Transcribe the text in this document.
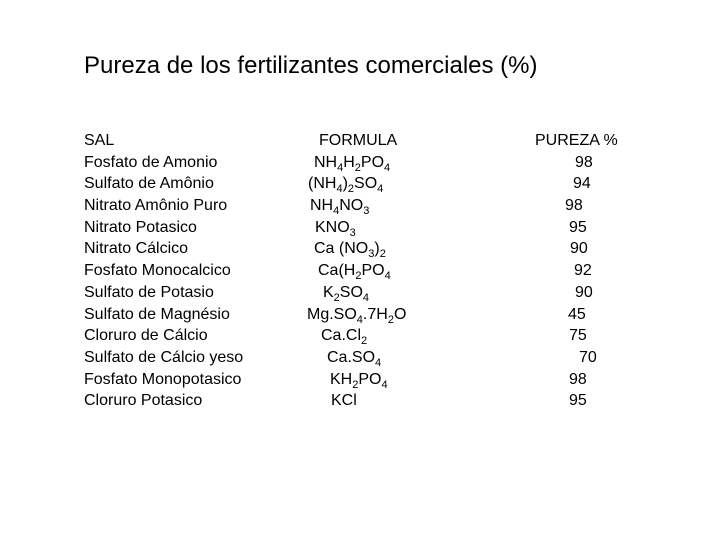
Pureza de los fertilizantes comerciales (%)
SAL	FORMULA	PUREZA %
Fosfato de Amonio	$NH_4H_2PO_4$	98
Sulfato de Amônio	$(NH_4)_2SO_4$	94
Nitrato Amônio Puro	$NH_4NO_3$	98
Nitrato Potasico	$KNO_3$	95
Nitrato Cálcico	Ca $(NO_3)_2$	90
Fosfato Monocalcico	$Ca(H_2PO_4$	92
Sulfato de Potasio	$K_2SO_4$	90
Sulfato de Magnésio	$Mg.SO_4.7H_2O$	45
Cloruro de Cálcio	$Ca.Cl_2$	75
Sulfato de Cálcio yeso	$Ca.SO_4$	70
Fosfato Monopotasico	$KH_2PO_4$	98
Cloruro Potasico	KCl	95
